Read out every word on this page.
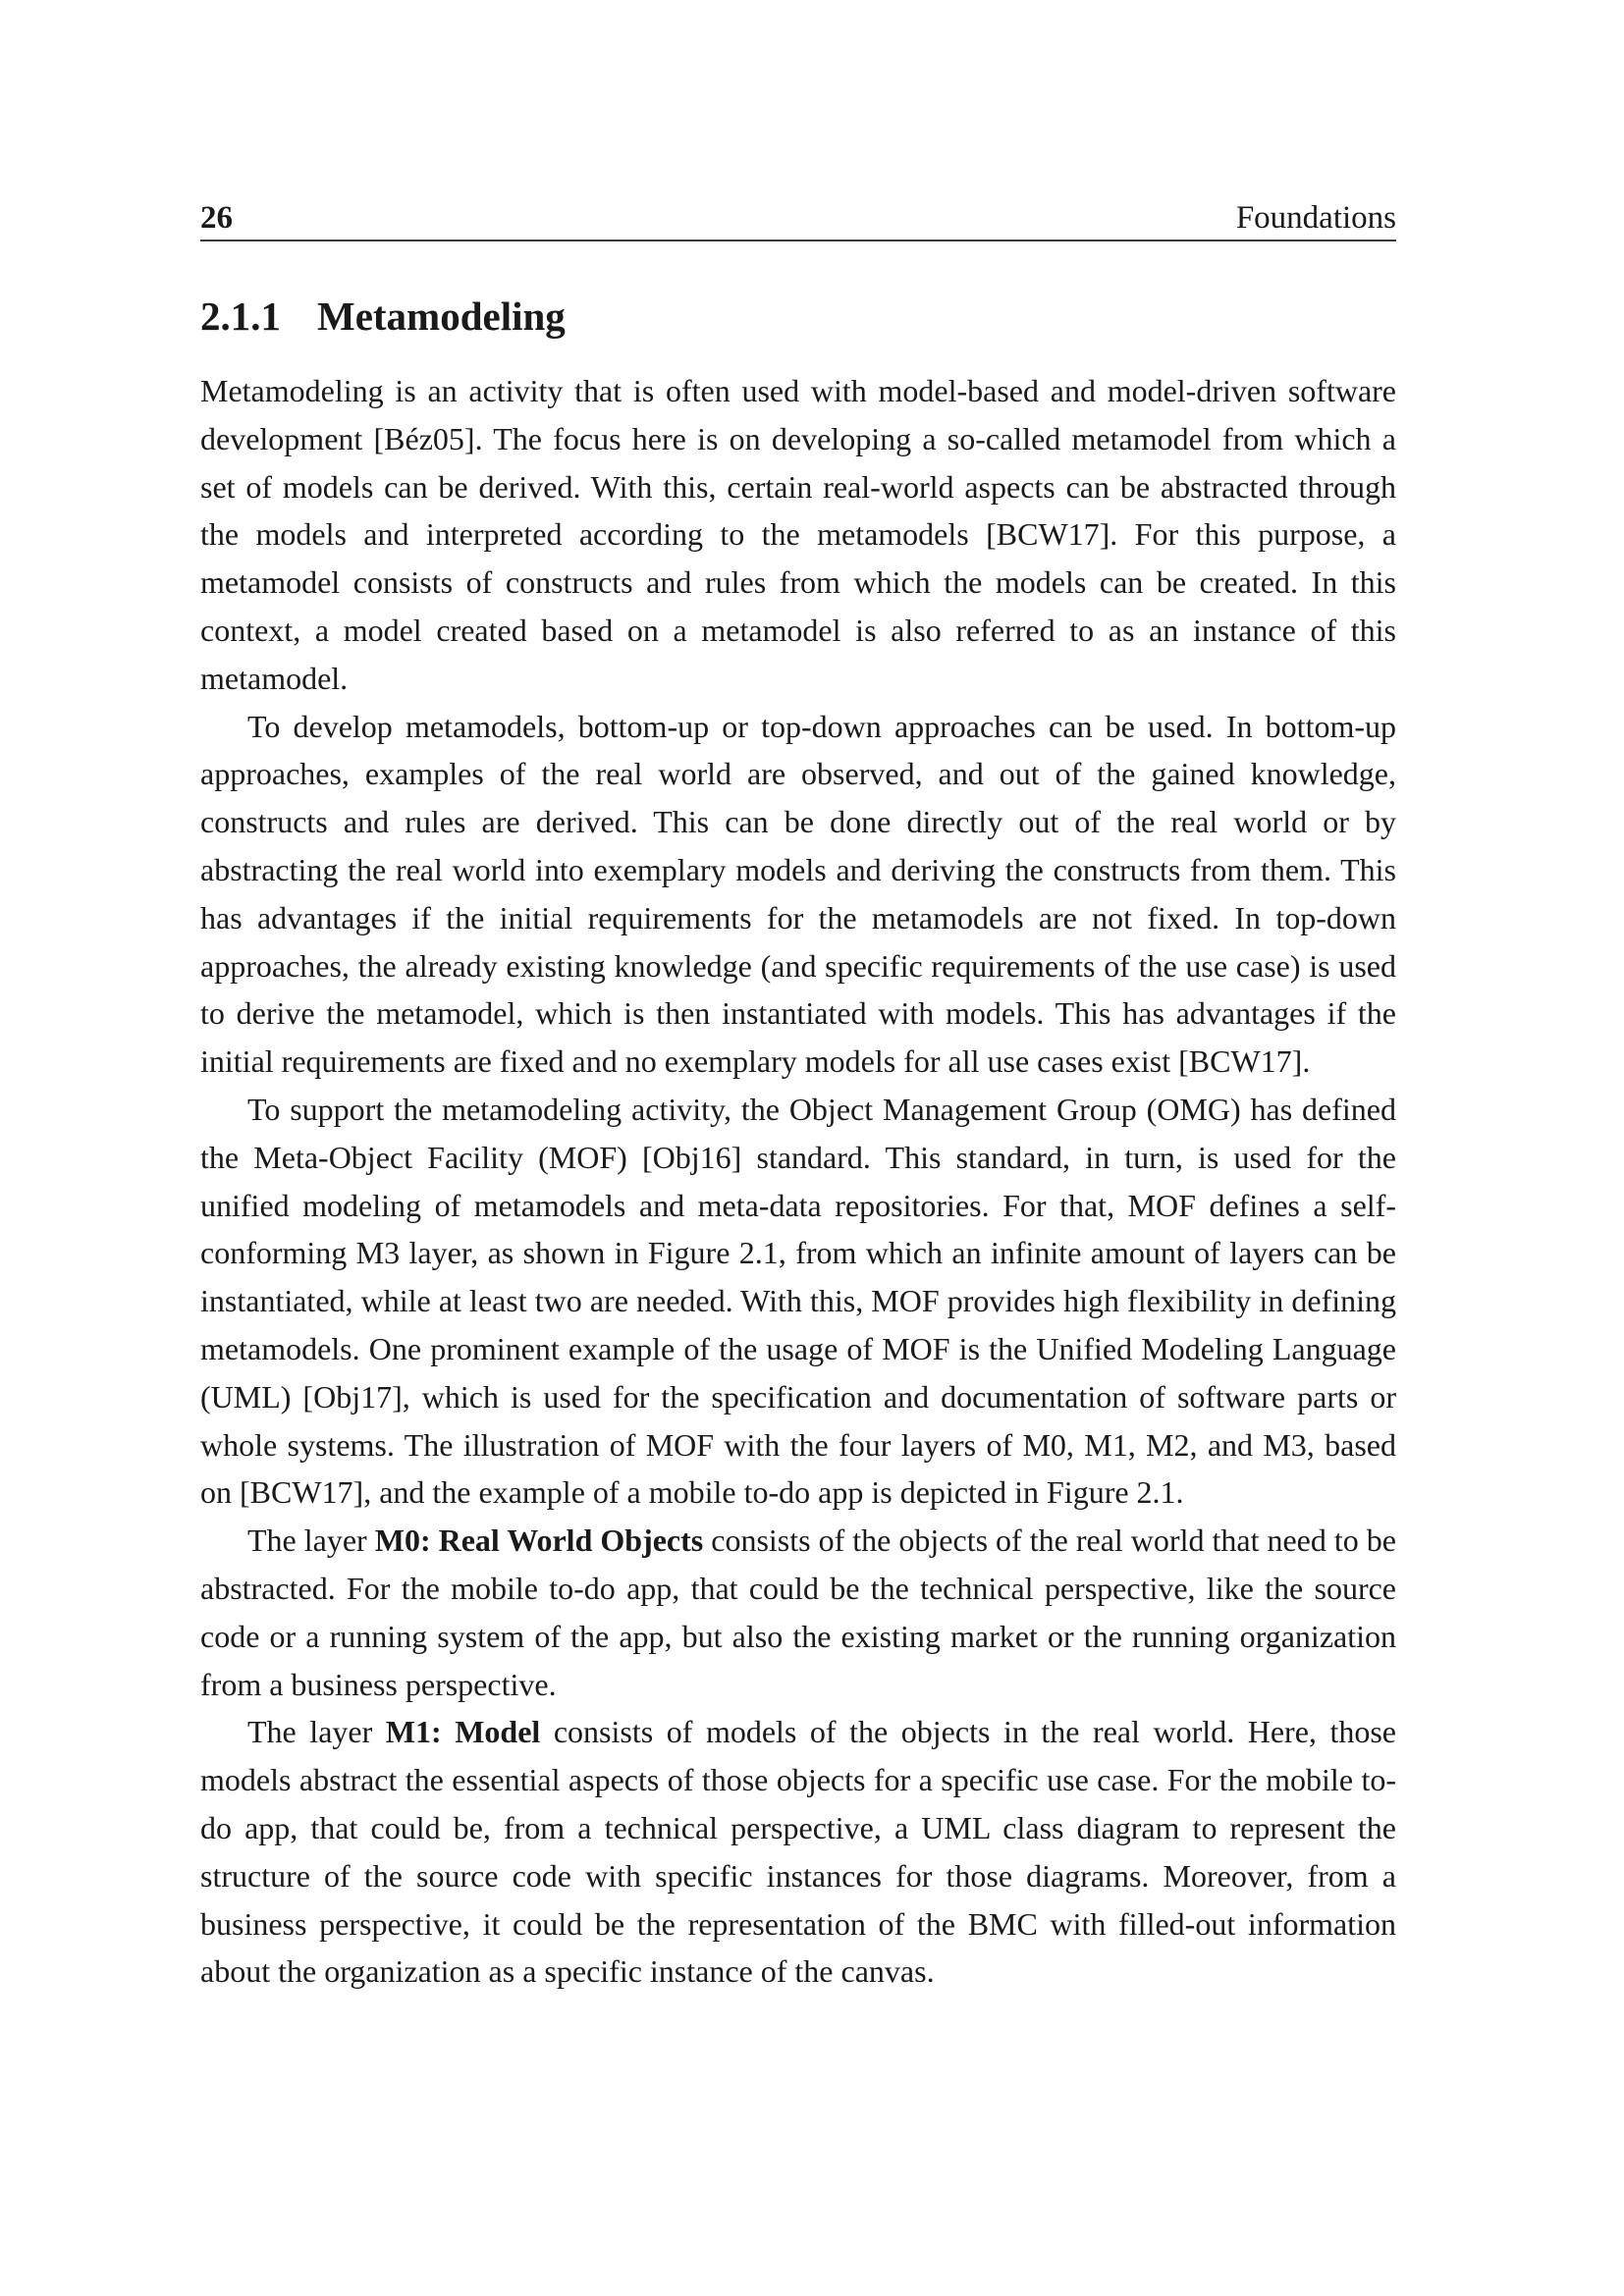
26	Foundations
2.1.1 Metamodeling

Metamodeling is an activity that is often used with model-based and model-driven software development [Béz05]. The focus here is on developing a so-called metamodel from which a set of models can be derived. With this, certain real-world aspects can be abstracted through the models and interpreted according to the metamodels [BCW17]. For this purpose, a metamodel consists of constructs and rules from which the models can be created. In this context, a model created based on a metamodel is also referred to as an instance of this metamodel.

To develop metamodels, bottom-up or top-down approaches can be used. In bottom-up approaches, examples of the real world are observed, and out of the gained knowledge, constructs and rules are derived. This can be done directly out of the real world or by abstracting the real world into exemplary models and deriving the constructs from them. This has advantages if the initial requirements for the metamodels are not fixed. In top-down approaches, the already existing knowledge (and specific requirements of the use case) is used to derive the metamodel, which is then instantiated with models. This has advantages if the initial requirements are fixed and no exemplary models for all use cases exist [BCW17].

To support the metamodeling activity, the Object Management Group (OMG) has defined the Meta-Object Facility (MOF) [Obj16] standard. This standard, in turn, is used for the unified modeling of metamodels and meta-data repositories. For that, MOF defines a self-conforming M3 layer, as shown in Figure 2.1, from which an infinite amount of layers can be instantiated, while at least two are needed. With this, MOF provides high flexibility in defining metamodels. One prominent example of the usage of MOF is the Unified Modeling Language (UML) [Obj17], which is used for the specification and documentation of software parts or whole systems. The illustration of MOF with the four layers of M0, M1, M2, and M3, based on [BCW17], and the example of a mobile to-do app is depicted in Figure 2.1.

The layer M0: Real World Objects consists of the objects of the real world that need to be abstracted. For the mobile to-do app, that could be the technical perspective, like the source code or a running system of the app, but also the existing market or the running organization from a business perspective.

The layer M1: Model consists of models of the objects in the real world. Here, those models abstract the essential aspects of those objects for a specific use case. For the mobile to-do app, that could be, from a technical perspective, a UML class diagram to represent the structure of the source code with specific instances for those diagrams. Moreover, from a business perspective, it could be the representation of the BMC with filled-out information about the organization as a specific instance of the canvas.
